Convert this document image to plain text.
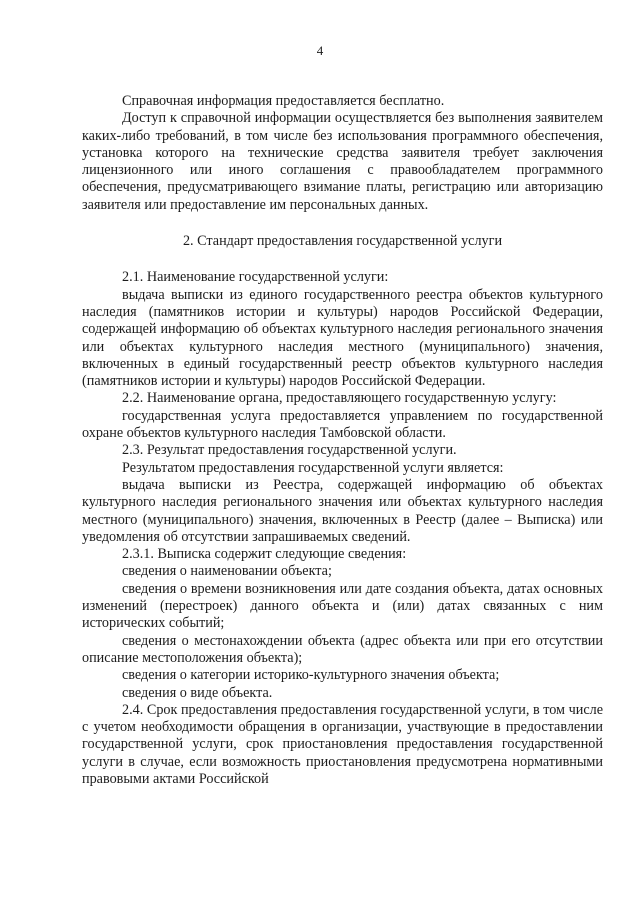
4

Справочная информация предоставляется бесплатно.

Доступ к справочной информации осуществляется без выполнения заявителем каких-либо требований, в том числе без использования программного обеспечения, установка которого на технические средства заявителя требует заключения лицензионного или иного соглашения с правообладателем программного обеспечения, предусматривающего взимание платы, регистрацию или авторизацию заявителя или предоставление им персональных данных.

2. Стандарт предоставления государственной услуги

2.1. Наименование государственной услуги:

выдача выписки из единого государственного реестра объектов культурного наследия (памятников истории и культуры) народов Российской Федерации, содержащей информацию об объектах культурного наследия регионального значения или объектах культурного наследия местного (муниципального) значения, включенных в единый государственный реестр объектов культурного наследия (памятников истории и культуры) народов Российской Федерации.

2.2. Наименование органа, предоставляющего государственную услугу:

государственная услуга предоставляется управлением по государственной охране объектов культурного наследия Тамбовской области.

2.3. Результат предоставления государственной услуги.

Результатом предоставления государственной услуги является:

выдача выписки из Реестра, содержащей информацию об объектах культурного наследия регионального значения или объектах культурного наследия местного (муниципального) значения, включенных в Реестр (далее – Выписка) или уведомления об отсутствии запрашиваемых сведений.

2.3.1. Выписка содержит следующие сведения:

сведения о наименовании объекта;

сведения о времени возникновения или дате создания объекта, датах основных изменений (перестроек) данного объекта и (или) датах связанных с ним исторических событий;

сведения о местонахождении объекта (адрес объекта или при его отсутствии описание местоположения объекта);

сведения о категории историко-культурного значения объекта;

сведения о виде объекта.

2.4. Срок предоставления предоставления государственной услуги, в том числе с учетом необходимости обращения в организации, участвующие в предоставлении государственной услуги, срок приостановления предоставления государственной услуги в случае, если возможность приостановления предусмотрена нормативными правовыми актами Российской
